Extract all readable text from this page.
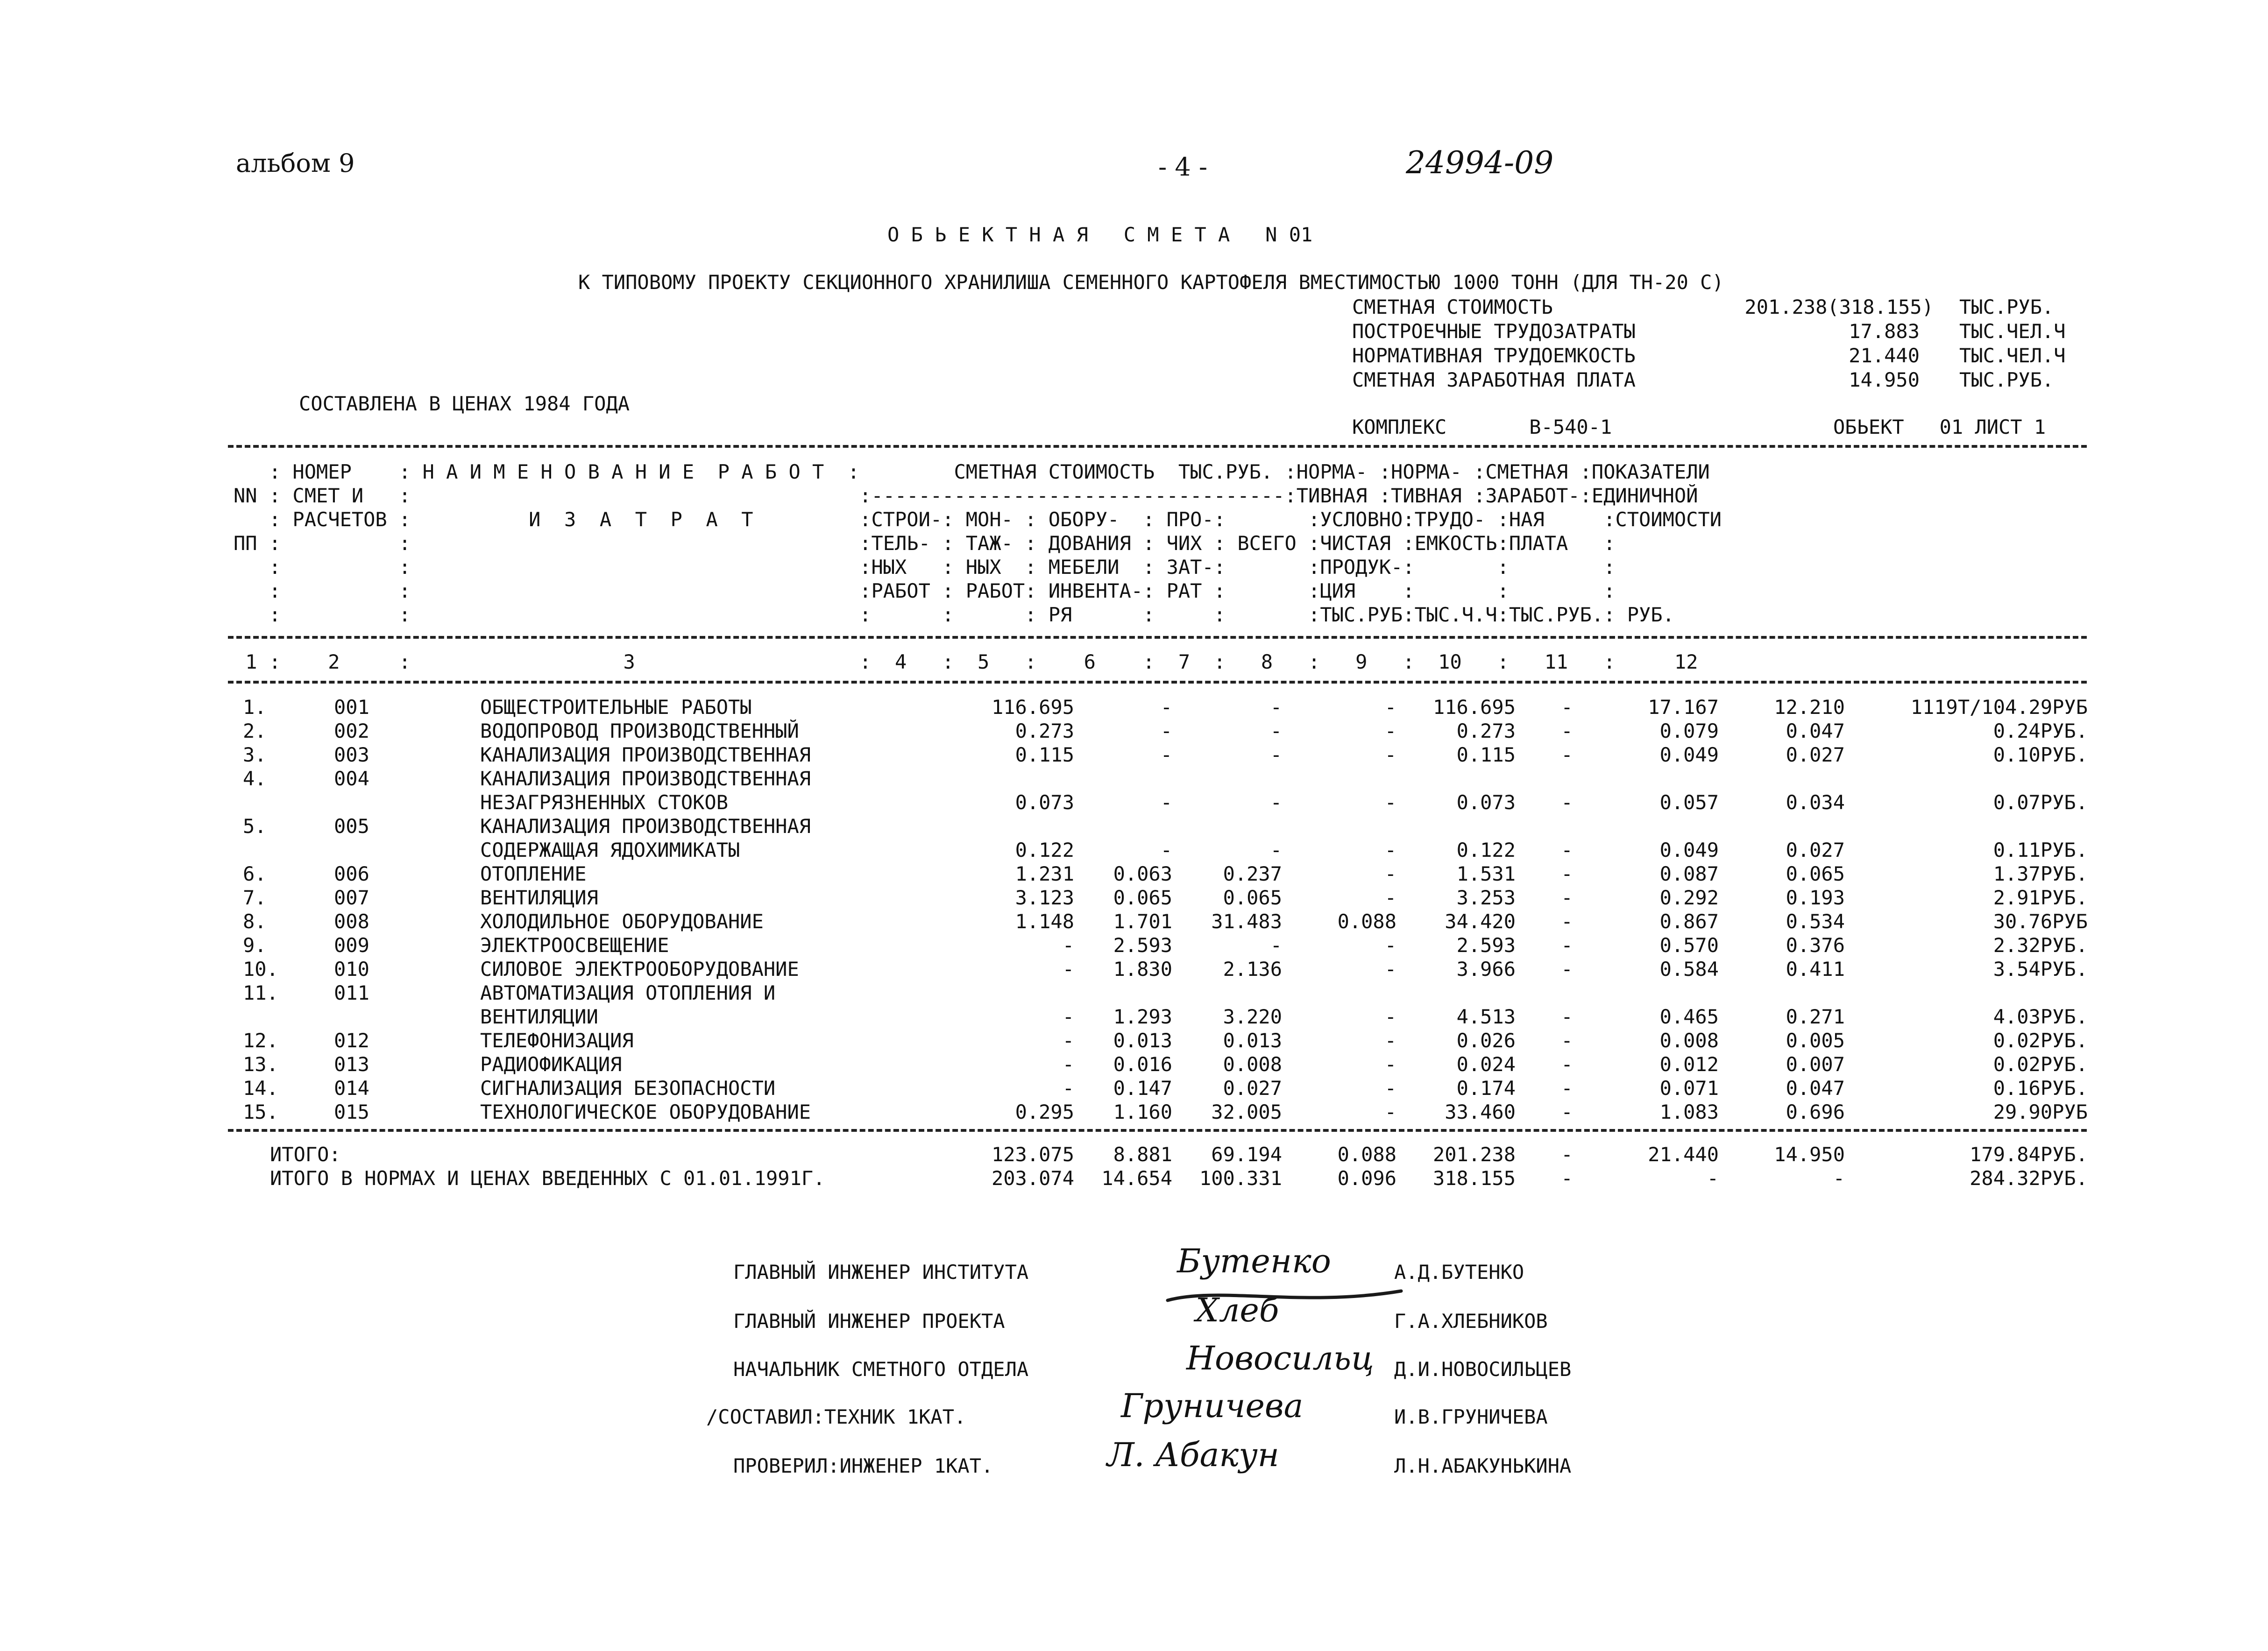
альбом 9	- 4 -	24994-09
О Б Ь Е К Т Н А Я   С М Е Т А   N 01
К ТИПОВОМУ ПРОЕКТУ СЕКЦИОННОГО ХРАНИЛИША СЕМЕННОГО КАРТОФЕЛЯ ВМЕСТИМОСТЬЮ 1000 ТОНН (ДЛЯ ТН-20 С)
СМЕТНАЯ СТОИМОСТЬ	201.238(318.155) ТЫС.РУБ.
ПОСТРОЕЧНЫЕ ТРУДОЗАТРАТЫ	17.883 ТЫС.ЧЕЛ.Ч
НОРМАТИВНАЯ ТРУДОЕМКОСТЬ	21.440 ТЫС.ЧЕЛ.Ч
СМЕТНАЯ ЗАРАБОТНАЯ ПЛАТА	14.950 ТЫС.РУБ.
СОСТАВЛЕНА В ЦЕНАХ 1984 ГОДА
КОМПЛЕКС       В-540-1	ОБЬЕКТ   01 ЛИСТ 1
: НОМЕР    : Н А И М Е Н О В А Н И Е  Р А Б О Т  :        СМЕТНАЯ СТОИМОСТЬ  ТЫС.РУБ. :НОРМА- :НОРМА- :СМЕТНАЯ :ПОКАЗАТЕЛИ
NN : СМЕТ И   :                                      :-----------------------------------:ТИВНАЯ :ТИВНАЯ :ЗАРАБОТ-:ЕДИНИЧНОЙ
: РАСЧЕТОВ :          И  З  А  Т  Р  А  Т         :СТРОИ-: МОН- : ОБОРУ-  : ПРО-:       :УСЛОВНО:ТРУДО- :НАЯ     :СТОИМОСТИ
ПП :          :                                      :ТЕЛЬ- : ТАЖ- : ДОВАНИЯ : ЧИХ : ВСЕГО :ЧИСТАЯ :ЕМКОСТЬ:ПЛАТА   :
:          :                                      :НЫХ   : НЫХ  : МЕБЕЛИ  : ЗАТ-:       :ПРОДУК-:       :        :
:          :                                      :РАБОТ : РАБОТ: ИНВЕНТА-: РАТ :       :ЦИЯ    :       :        :
:          :                                      :      :      : РЯ      :     :       :ТЫС.РУБ:ТЫС.Ч.Ч:ТЫС.РУБ.: РУБ.
1 :    2     :                  3                   :  4   :  5   :    6    :  7  :   8   :   9   :  10   :   11   :     12
1.	001	ОБЩЕСТРОИТЕЛЬНЫЕ РАБОТЫ	116.695	-	-	-	116.695 -	17.167	12.210	1119Т/104.29РУБ
2.	002	ВОДОПРОВОД ПРОИЗВОДСТВЕННЫЙ	0.273	-	-	-	0.273 -	0.079	0.047	0.24РУБ.
3.	003	КАНАЛИЗАЦИЯ ПРОИЗВОДСТВЕННАЯ	0.115	-	-	-	0.115 -	0.049	0.027	0.10РУБ.
4.	004	КАНАЛИЗАЦИЯ ПРОИЗВОДСТВЕННАЯ
НЕЗАГРЯЗНЕННЫХ СТОКОВ	0.073	-	-	-	0.073 -	0.057	0.034	0.07РУБ.
5.	005	КАНАЛИЗАЦИЯ ПРОИЗВОДСТВЕННАЯ
СОДЕРЖАЩАЯ ЯДОХИМИКАТЫ	0.122	-	-	-	0.122 -	0.049	0.027	0.11РУБ.
6.	006	ОТОПЛЕНИЕ	1.231	0.063	0.237	-	1.531 -	0.087	0.065	1.37РУБ.
7.	007	ВЕНТИЛЯЦИЯ	3.123	0.065	0.065	-	3.253 -	0.292	0.193	2.91РУБ.
8.	008	ХОЛОДИЛЬНОЕ ОБОРУДОВАНИЕ	1.148	1.701	31.483	0.088	34.420 -	0.867	0.534	30.76РУБ
9.	009	ЭЛЕКТРООСВЕЩЕНИЕ	-	2.593	-	-	2.593 -	0.570	0.376	2.32РУБ.
10.	010	СИЛОВОЕ ЭЛЕКТРООБОРУДОВАНИЕ	-	1.830	2.136	-	3.966 -	0.584	0.411	3.54РУБ.
11.	011	АВТОМАТИЗАЦИЯ ОТОПЛЕНИЯ И
ВЕНТИЛЯЦИИ	-	1.293	3.220	-	4.513 -	0.465	0.271	4.03РУБ.
12.	012	ТЕЛЕФОНИЗАЦИЯ	-	0.013	0.013	-	0.026 -	0.008	0.005	0.02РУБ.
13.	013	РАДИОФИКАЦИЯ	-	0.016	0.008	-	0.024 -	0.012	0.007	0.02РУБ.
14.	014	СИГНАЛИЗАЦИЯ БЕЗОПАСНОСТИ	-	0.147	0.027	-	0.174 -	0.071	0.047	0.16РУБ.
15.	015	ТЕХНОЛОГИЧЕСКОЕ ОБОРУДОВАНИЕ	0.295	1.160	32.005	-	33.460 -	1.083	0.696	29.90РУБ
ИТОГО:	123.075	8.881	69.194	0.088	201.238 -	21.440	14.950	179.84РУБ.
ИТОГО В НОРМАХ И ЦЕНАХ ВВЕДЕННЫХ С 01.01.1991Г.	203.074	14.654	100.331	0.096	318.155 -	-	-	284.32РУБ.
ГЛАВНЫЙ ИНЖЕНЕР ИНСТИТУТА	Бутенко	А.Д.БУТЕНКО
ГЛАВНЫЙ ИНЖЕНЕР ПРОЕКТА	Хлеб	Г.А.ХЛЕБНИКОВ
НАЧАЛЬНИК СМЕТНОГО ОТДЕЛА	Новосильц Д.И.НОВОСИЛЬЦЕВ
/СОСТАВИЛ:ТЕХНИК 1КАТ.	Груничева	И.В.ГРУНИЧЕВА
ПРОВЕРИЛ:ИНЖЕНЕР 1КАТ.	Л. Абакун	Л.Н.АБАКУНЬКИНА
